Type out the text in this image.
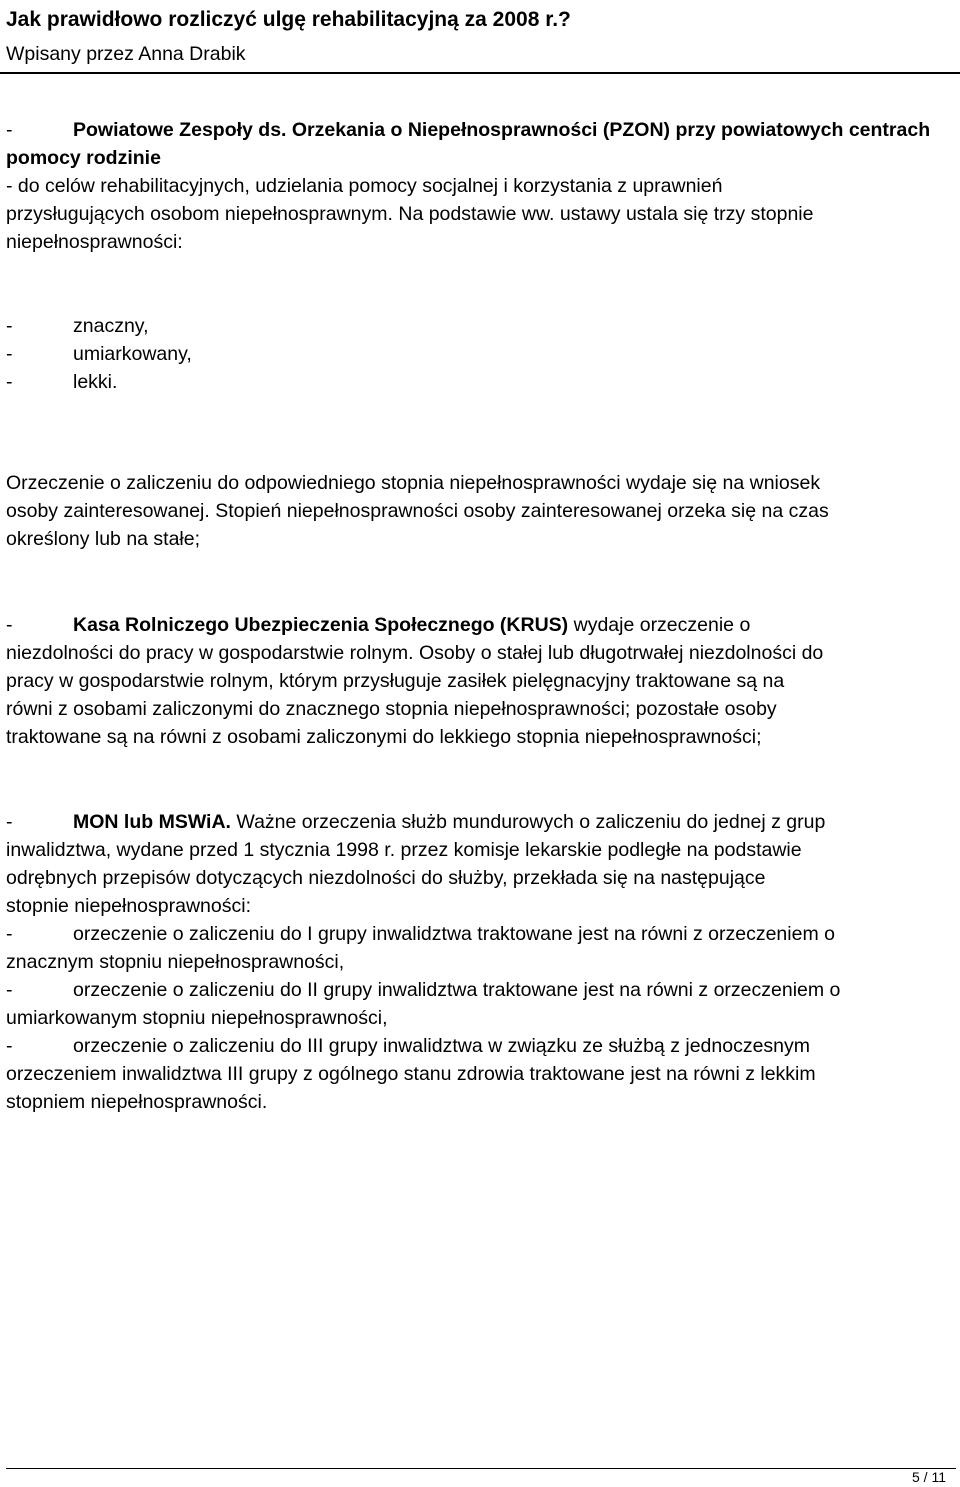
Jak prawidłowo rozliczyć ulgę rehabilitacyjną za 2008 r.?
Wpisany przez Anna Drabik
-	Powiatowe Zespoły ds. Orzekania o Niepełnosprawności (PZON) przy powiatowych centrach pomocy rodzinie
- do celów rehabilitacyjnych, udzielania pomocy socjalnej i korzystania z uprawnień
przysługujących osobom niepełnosprawnym. Na podstawie ww. ustawy ustala się trzy stopnie
niepełnosprawności:
-	znaczny,
-	umiarkowany,
-	lekki.
Orzeczenie o zaliczeniu do odpowiedniego stopnia niepełnosprawności wydaje się na wniosek
osoby zainteresowanej. Stopień niepełnosprawności osoby zainteresowanej orzeka się na czas
określony lub na stałe;
-	Kasa Rolniczego Ubezpieczenia Społecznego (KRUS) wydaje orzeczenie o
niezdolności do pracy w gospodarstwie rolnym. Osoby o stałej lub długotrwałej niezdolności do
pracy w gospodarstwie rolnym, którym przysługuje zasiłek pielęgnacyjny traktowane są na
równi z osobami zaliczonymi do znacznego stopnia niepełnosprawności; pozostałe osoby
traktowane są na równi z osobami zaliczonymi do lekkiego stopnia niepełnosprawności;
-	MON lub MSWiA. Ważne orzeczenia służb mundurowych o zaliczeniu do jednej z grup
inwalidztwa, wydane przed 1 stycznia 1998 r. przez komisje lekarskie podległe na podstawie
odrębnych przepisów dotyczących niezdolności do służby, przekłada się na następujące
stopnie niepełnosprawności:
-	orzeczenie o zaliczeniu do I grupy inwalidztwa traktowane jest na równi z orzeczeniem o
znacznym stopniu niepełnosprawności,
-	orzeczenie o zaliczeniu do II grupy inwalidztwa traktowane jest na równi z orzeczeniem o
umiarkowanym stopniu niepełnosprawności,
-	orzeczenie o zaliczeniu do III grupy inwalidztwa w związku ze służbą z jednoczesnym
orzeczeniem inwalidztwa III grupy z ogólnego stanu zdrowia traktowane jest na równi z lekkim
stopniem niepełnosprawności.
5 / 11
